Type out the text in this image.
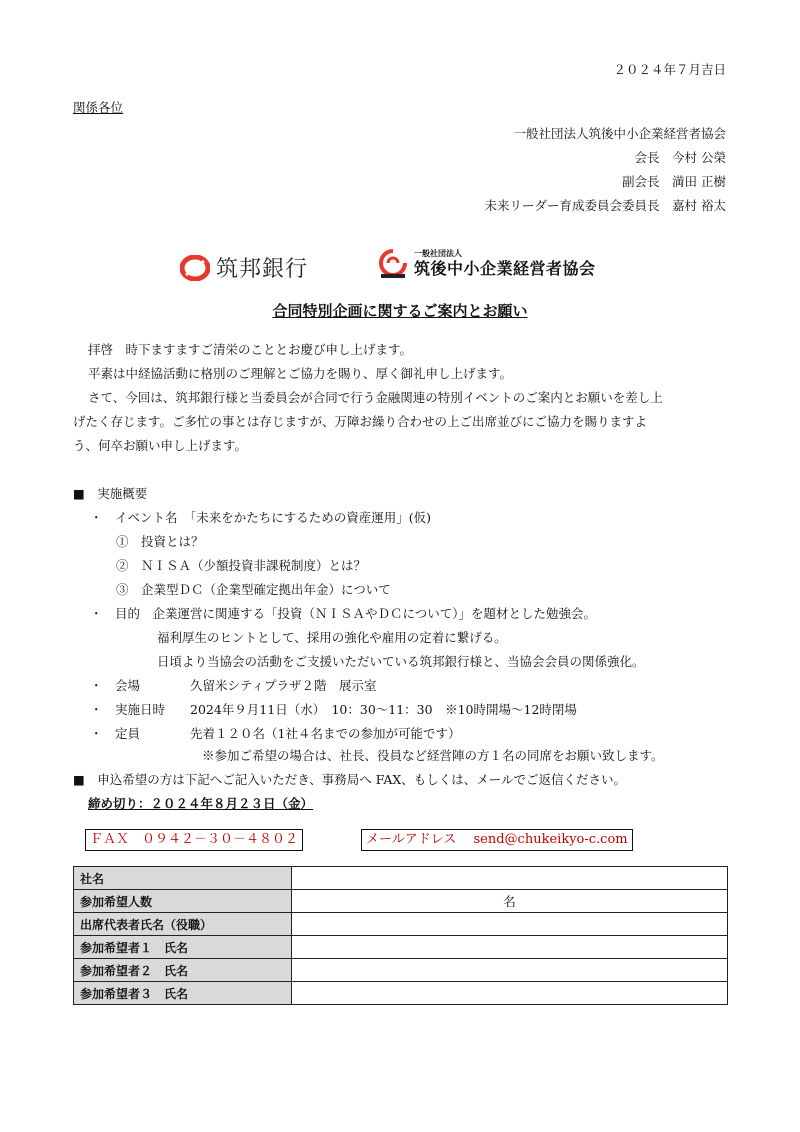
２０２４年７月吉日
関係各位
一般社団法人筑後中小企業経営者協会
会長　今村 公榮
副会長　満田 正樹
未来リーダー育成委員会委員長　嘉村 裕太
筑邦銀行
一般社団法人
筑後中小企業経営者協会
合同特別企画に関するご案内とお願い
拝啓　時下ますますご清栄のこととお慶び申し上げます。
平素は中経協活動に格別のご理解とご協力を賜り、厚く御礼申し上げます。
さて、今回は、筑邦銀行様と当委員会が合同で行う金融関連の特別イベントのご案内とお願いを差し上
げたく存じます。ご多忙の事とは存じますが、万障お繰り合わせの上ご出席並びにご協力を賜りますよ
う、何卒お願い申し上げます。
■　実施概要
・　イベント名　「未来をかたちにするための資産運用」(仮)
①　投資とは？
②　ＮＩＳＡ（少額投資非課税制度）とは？
③　企業型ＤＣ（企業型確定拠出年金）について
・　目的　企業運営に関連する「投資（ＮＩＳＡやＤＣについて）」を題材とした勉強会。
福利厚生のヒントとして、採用の強化や雇用の定着に繋げる。
日頃より当協会の活動をご支援いただいている筑邦銀行様と、当協会会員の関係強化。
・　会場　　　　久留米シティプラザ２階　展示室
・　実施日時　　2024年９月11日（水）　10：30～11：30　※10時開場～12時閉場
・　定員　　　　先着１２０名（1社４名までの参加が可能です）
※参加ご希望の場合は、社長、役員など経営陣の方１名の同席をお願い致します。
■　申込希望の方は下記へご記入いただき、事務局へ FAX、もしくは、メールでご返信ください。
締め切り：２０２４年８月２３日（金）
ＦＡＸ　０９４２－３０－４８０２	メールアドレス　 send@chukeikyo-c.com
社名	
参加希望人数	名
出席代表者氏名（役職）	
参加希望者１　氏名	
参加希望者２　氏名	
参加希望者３　氏名	
